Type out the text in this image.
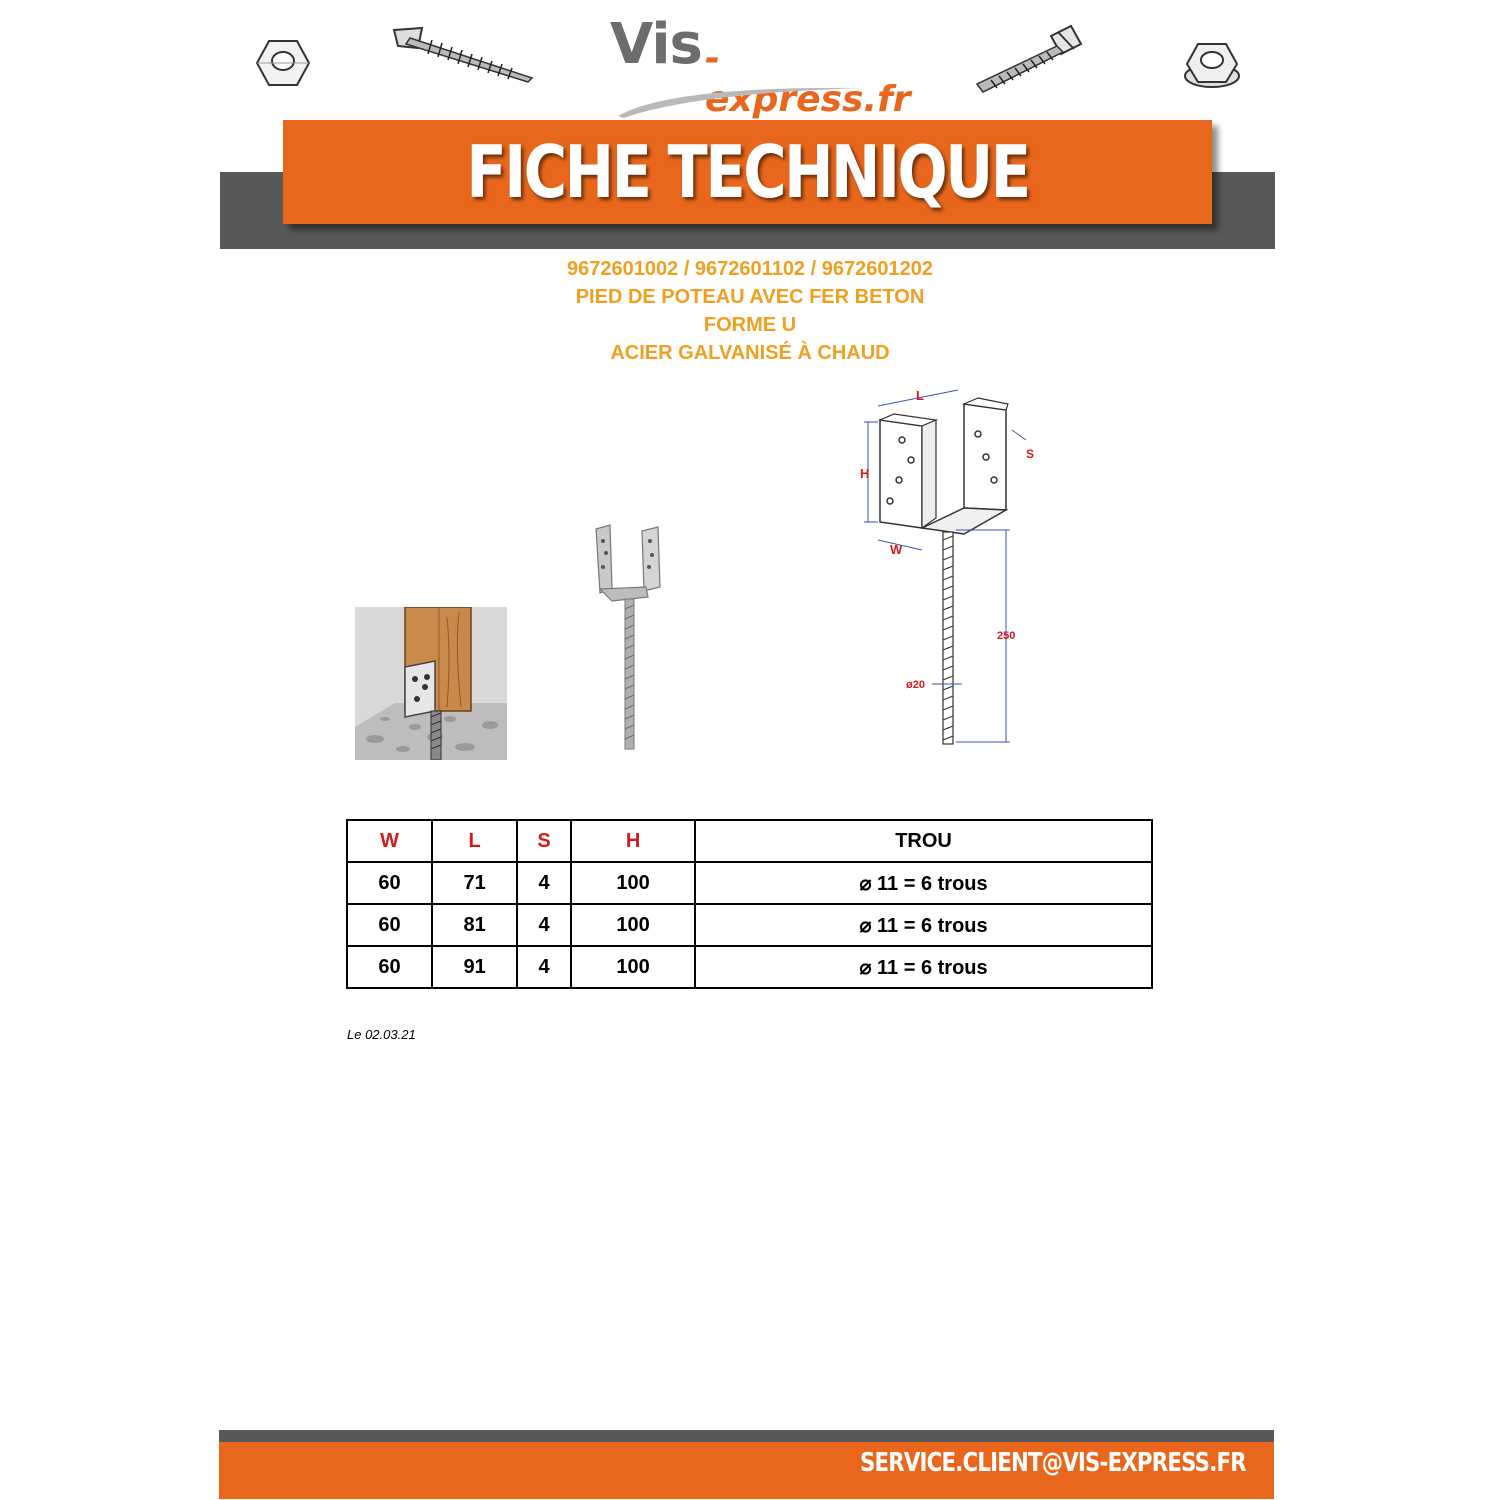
Vis -express.fr
FICHE TECHNIQUE
9672601002 / 9672601102 / 9672601202
PIED DE POTEAU AVEC FER BETON
FORME U
ACIER GALVANISÉ À CHAUD
L
H
S
W
250
ø20
W	L	S	H	TROU
60	71	4	100	⌀ 11 = 6 trous
60	81	4	100	⌀ 11 = 6 trous
60	91	4	100	⌀ 11 = 6 trous
Le 02.03.21
SERVICE.CLIENT@VIS-EXPRESS.FR
